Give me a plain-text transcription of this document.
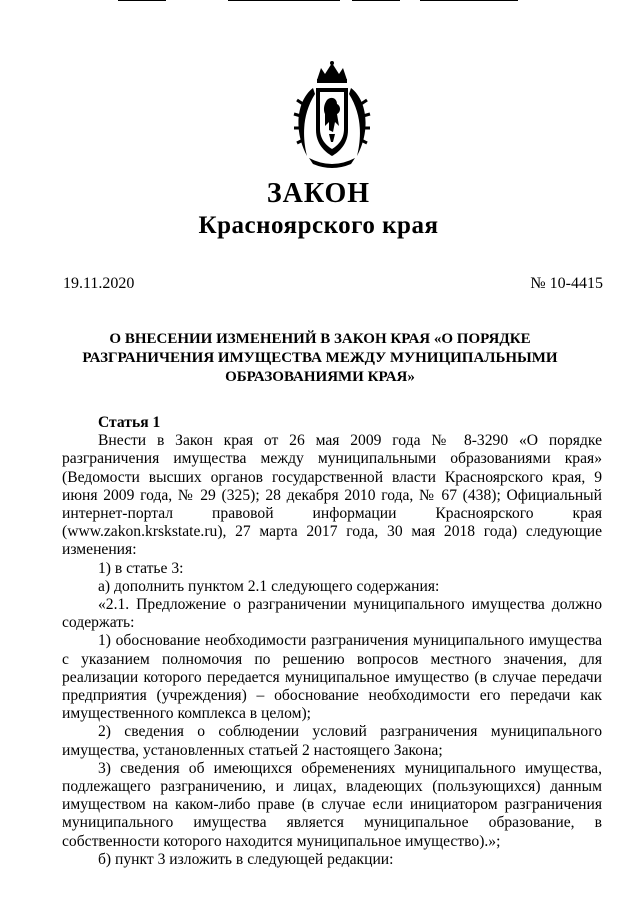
ЗАКОН
Красноярского края
19.11.2020	№ 10-4415
О ВНЕСЕНИИ ИЗМЕНЕНИЙ В ЗАКОН КРАЯ «О ПОРЯДКЕ
РАЗГРАНИЧЕНИЯ ИМУЩЕСТВА МЕЖДУ МУНИЦИПАЛЬНЫМИ
ОБРАЗОВАНИЯМИ КРАЯ»
Статья 1

Внести в Закон края от 26 мая 2009 года № 8-3290 «О порядке разграничения имущества между муниципальными образованиями края» (Ведомости высших органов государственной власти Красноярского края, 9 июня 2009 года, № 29 (325); 28 декабря 2010 года, № 67 (438); Официальный интернет-портал правовой информации Красноярского края (www.zakon.krskstate.ru), 27 марта 2017 года, 30 мая 2018 года) следующие изменения:

1) в статье 3:

а) дополнить пунктом 2.1 следующего содержания:

«2.1. Предложение о разграничении муниципального имущества должно содержать:

1) обоснование необходимости разграничения муниципального имущества с указанием полномочия по решению вопросов местного значения, для реализации которого передается муниципальное имущество (в случае передачи предприятия (учреждения) – обоснование необходимости его передачи как имущественного комплекса в целом);

2) сведения о соблюдении условий разграничения муниципального имущества, установленных статьей 2 настоящего Закона;

3) сведения об имеющихся обременениях муниципального имущества, подлежащего разграничению, и лицах, владеющих (пользующихся) данным имуществом на каком-либо праве (в случае если инициатором разграничения муниципального имущества является муниципальное образование, в собственности которого находится муниципальное имущество).»;

б) пункт 3 изложить в следующей редакции:
